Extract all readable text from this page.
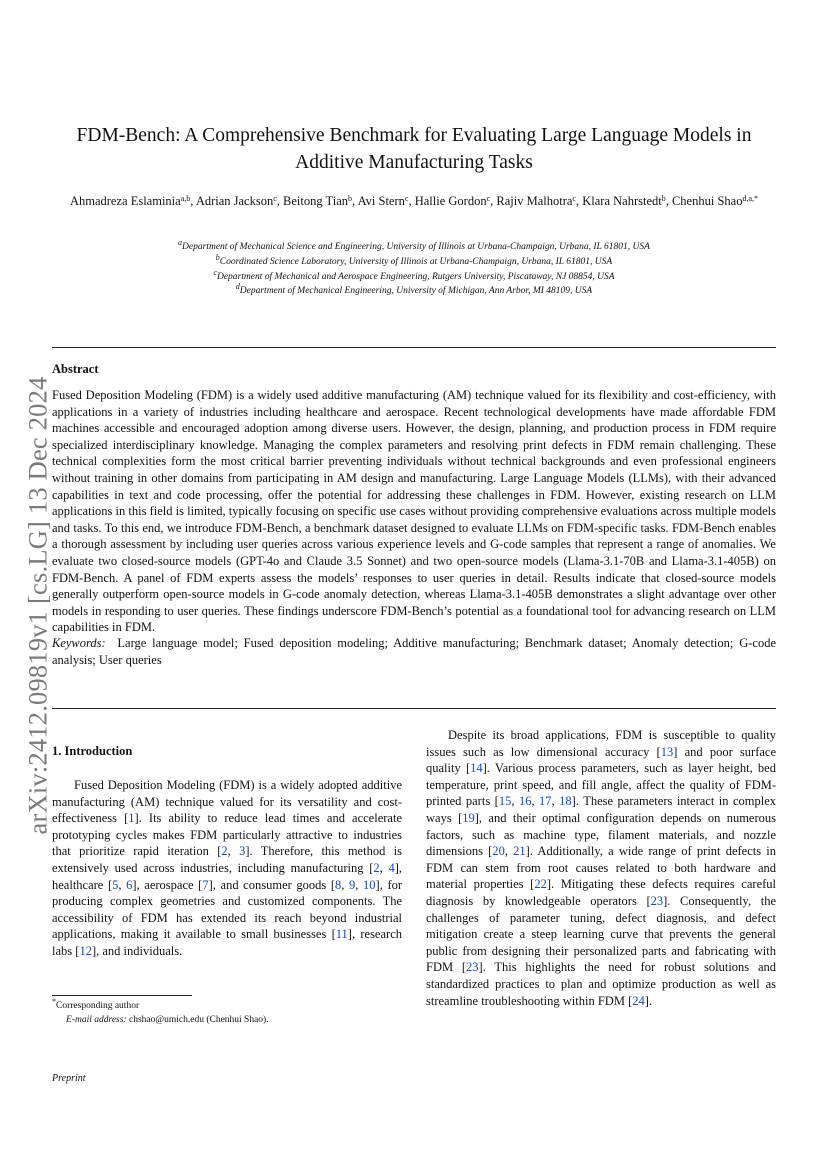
arXiv:2412.09819v1 [cs.LG] 13 Dec 2024
FDM-Bench: A Comprehensive Benchmark for Evaluating Large Language Models in Additive Manufacturing Tasks
Ahmadreza Eslaminia$^{a,b}$, Adrian Jackson$^c$, Beitong Tian$^b$, Avi Stern$^c$, Hallie Gordon$^c$, Rajiv Malhotra$^c$, Klara Nahrstedt$^b$, Chenhui Shao$^{d,a,*}$
$^a$Department of Mechanical Science and Engineering, University of Illinois at Urbana-Champaign, Urbana, IL 61801, USA
$^b$Coordinated Science Laboratory, University of Illinois at Urbana-Champaign, Urbana, IL 61801, USA
$^c$Department of Mechanical and Aerospace Engineering, Rutgers University, Piscataway, NJ 08854, USA
$^d$Department of Mechanical Engineering, University of Michigan, Ann Arbor, MI 48109, USA
Abstract
Fused Deposition Modeling (FDM) is a widely used additive manufacturing (AM) technique valued for its flexibility and cost-efficiency, with applications in a variety of industries including healthcare and aerospace. Recent technological developments have made affordable FDM machines accessible and encouraged adoption among diverse users. However, the design, planning, and production process in FDM require specialized interdisciplinary knowledge. Managing the complex parameters and resolving print defects in FDM remain challenging. These technical complexities form the most critical barrier preventing individuals without technical backgrounds and even professional engineers without training in other domains from participating in AM design and manufacturing. Large Language Models (LLMs), with their advanced capabilities in text and code processing, offer the potential for addressing these challenges in FDM. However, existing research on LLM applications in this field is limited, typically focusing on specific use cases without providing comprehensive evaluations across multiple models and tasks. To this end, we introduce FDM-Bench, a benchmark dataset designed to evaluate LLMs on FDM-specific tasks. FDM-Bench enables a thorough assessment by including user queries across various experience levels and G-code samples that represent a range of anomalies. We evaluate two closed-source models (GPT-4o and Claude 3.5 Sonnet) and two open-source models (Llama-3.1-70B and Llama-3.1-405B) on FDM-Bench. A panel of FDM experts assess the models’ responses to user queries in detail. Results indicate that closed-source models generally outperform open-source models in G-code anomaly detection, whereas Llama-3.1-405B demonstrates a slight advantage over other models in responding to user queries. These findings underscore FDM-Bench’s potential as a foundational tool for advancing research on LLM capabilities in FDM.
Keywords: Large language model; Fused deposition modeling; Additive manufacturing; Benchmark dataset; Anomaly detection; G-code analysis; User queries
1. Introduction

Fused Deposition Modeling (FDM) is a widely adopted additive manufacturing (AM) technique valued for its versatility and cost-effectiveness [1]. Its ability to reduce lead times and accelerate prototyping cycles makes FDM particularly attractive to industries that prioritize rapid iteration [2, 3]. Therefore, this method is extensively used across industries, including manufacturing [2, 4], healthcare [5, 6], aerospace [7], and consumer goods [8, 9, 10], for producing complex geometries and customized components. The accessibility of FDM has extended its reach beyond industrial applications, making it available to small businesses [11], research labs [12], and individuals.

Despite its broad applications, FDM is susceptible to quality issues such as low dimensional accuracy [13] and poor surface quality [14]. Various process parameters, such as layer height, bed temperature, print speed, and fill angle, affect the quality of FDM-printed parts [15, 16, 17, 18]. These parameters interact in complex ways [19], and their optimal configuration depends on numerous factors, such as machine type, filament materials, and nozzle dimensions [20, 21]. Additionally, a wide range of print defects in FDM can stem from root causes related to both hardware and material properties [22]. Mitigating these defects requires careful diagnosis by knowledgeable operators [23]. Consequently, the challenges of parameter tuning, defect diagnosis, and defect mitigation create a steep learning curve that prevents the general public from designing their personalized parts and fabricating with FDM [23]. This highlights the need for robust solutions and standardized practices to plan and optimize production as well as streamline troubleshooting within FDM [24].

*Corresponding author
E-mail address: chshao@umich.edu (Chenhui Shao).
Preprint
